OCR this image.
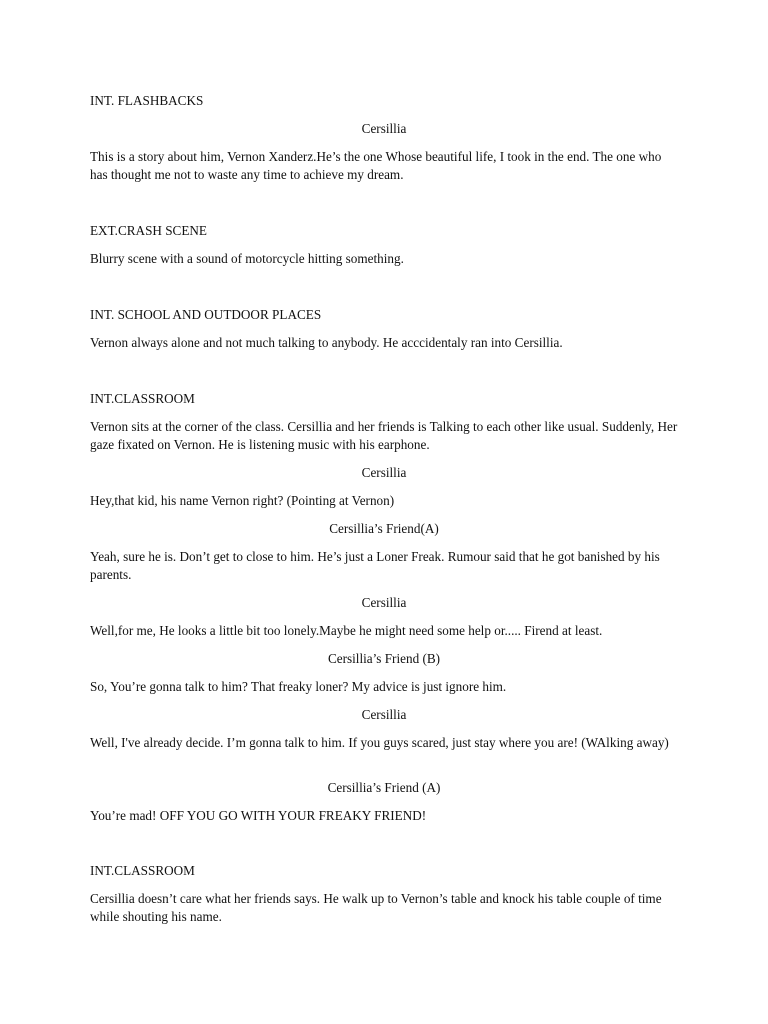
INT. FLASHBACKS

Cersillia

This is a story about him, Vernon Xanderz.He’s the one Whose beautiful life, I took in the end. The one who has thought me not to waste any time to achieve my dream.

EXT.CRASH SCENE

Blurry scene with a sound of motorcycle hitting something.

INT. SCHOOL AND OUTDOOR PLACES

Vernon always alone and not much talking to anybody. He acccidentaly ran into Cersillia.

INT.CLASSROOM

Vernon sits at the corner of the class. Cersillia and her friends is Talking to each other like usual. Suddenly, Her gaze fixated on Vernon. He is listening music with his earphone.

Cersillia

Hey,that kid, his name Vernon right? (Pointing at Vernon)

Cersillia’s Friend(A)

Yeah, sure he is. Don’t get to close to him. He’s just a Loner Freak. Rumour said that he got banished by his parents.

Cersillia

Well,for me, He looks a little bit too lonely.Maybe he might need some help or..... Firend at least.

Cersillia’s Friend (B)

So, You’re gonna talk to him? That freaky loner? My advice is just ignore him.

Cersillia

Well, I've already decide. I’m gonna talk to him. If you guys scared, just stay where you are! (WAlking away)

Cersillia’s Friend (A)

You’re mad! OFF YOU GO WITH YOUR FREAKY FRIEND!

INT.CLASSROOM

Cersillia doesn’t care what her friends says. He walk up to Vernon’s table and knock his table couple of time while shouting his name.
